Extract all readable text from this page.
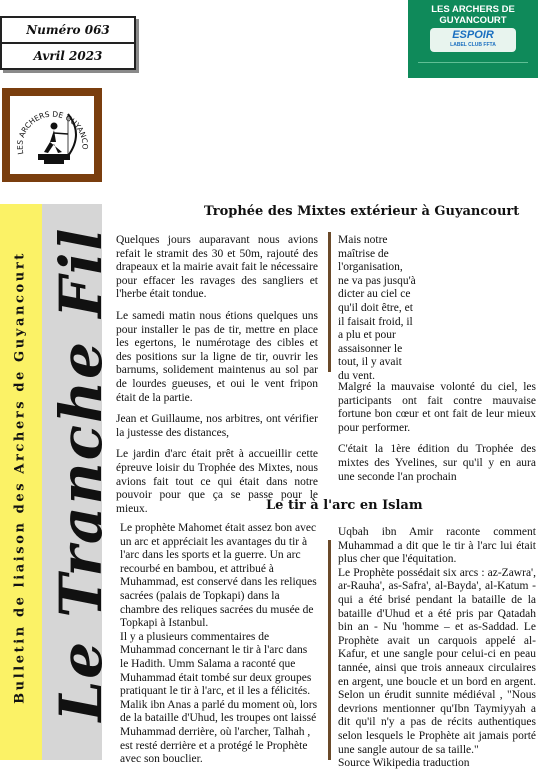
Numéro 063
Avril 2023
LES ARCHERS DE
GUYANCOURT
ESPOIR
LABEL CLUB FFTA
LES ARCHERS DE GUYANCO
Bulletin de liaison des Archers de Guyancourt Le Tranche Fil
Trophée des Mixtes extérieur à Guyancourt

Quelques jours auparavant nous avions refait le stramit des 30 et 50m, rajouté des drapeaux et la mairie avait fait le nécessaire pour effacer les ravages des sangliers et l'herbe était tondue.

Le samedi matin nous étions quelques uns pour installer le pas de tir, mettre en place les egertons, le numérotage des cibles et des positions sur la ligne de tir, ouvrir les barnums, solidement maintenus au sol par de lourdes gueuses, et oui le vent fripon était de la partie.

Jean et Guillaume, nos arbitres, ont vérifier la justesse des distances,

Le jardin d'arc était prêt à accueillir cette épreuve loisir du Trophée des Mixtes, nous avions fait tout ce qui était dans notre pouvoir pour que ça se passe pour le mieux.

Mais notre maîtrise de l'organisation, ne va pas jusqu'à dicter au ciel ce qu'il doit être, et il faisait froid, il a plu et pour assaisonner le tout, il y avait du vent.

Malgré la mauvaise volonté du ciel, les participants ont fait contre mauvaise fortune bon cœur et ont fait de leur mieux pour performer.

C'était la 1ère édition du Trophée des mixtes des Yvelines, sur qu'il y en aura une seconde l'an prochain

Le tir à l'arc en Islam

Le prophète Mahomet était assez bon avec un arc et appréciait les avantages du tir à l'arc dans les sports et la guerre. Un arc recourbé en bambou, et attribué à Muhammad, est conservé dans les reliques sacrées (palais de Topkapi) dans la chambre des reliques sacrées du musée de Topkapi à Istanbul.

Il y a plusieurs commentaires de Muhammad concernant le tir à l'arc dans le Hadith. Umm Salama a raconté que Muhammad était tombé sur deux groupes pratiquant le tir à l'arc, et il les a félicités.

Malik ibn Anas a parlé du moment où, lors de la bataille d'Uhud, les troupes ont laissé Muhammad derrière, où l'archer, Talhah , est resté derrière et a protégé le Prophète avec son bouclier.

Uqbah ibn Amir raconte comment Muhammad a dit que le tir à l'arc lui était plus cher que l'équitation.

Le Prophète possédait six arcs : az-Zawra', ar-Rauha', as-Safra', al-Bayda', al-Katum - qui a été brisé pendant la bataille de la bataille d'Uhud et a été pris par Qatadah bin an - Nu 'homme – et as-Saddad. Le Prophète avait un carquois appelé al-Kafur, et une sangle pour celui-ci en peau tannée, ainsi que trois anneaux circulaires en argent, une boucle et un bord en argent. Selon un érudit sunnite médiéval , "Nous devrions mentionner qu'Ibn Taymiyyah a dit qu'il n'y a pas de récits authentiques selon lesquels le Prophète ait jamais porté une sangle autour de sa taille."

Source Wikipedia traduction
